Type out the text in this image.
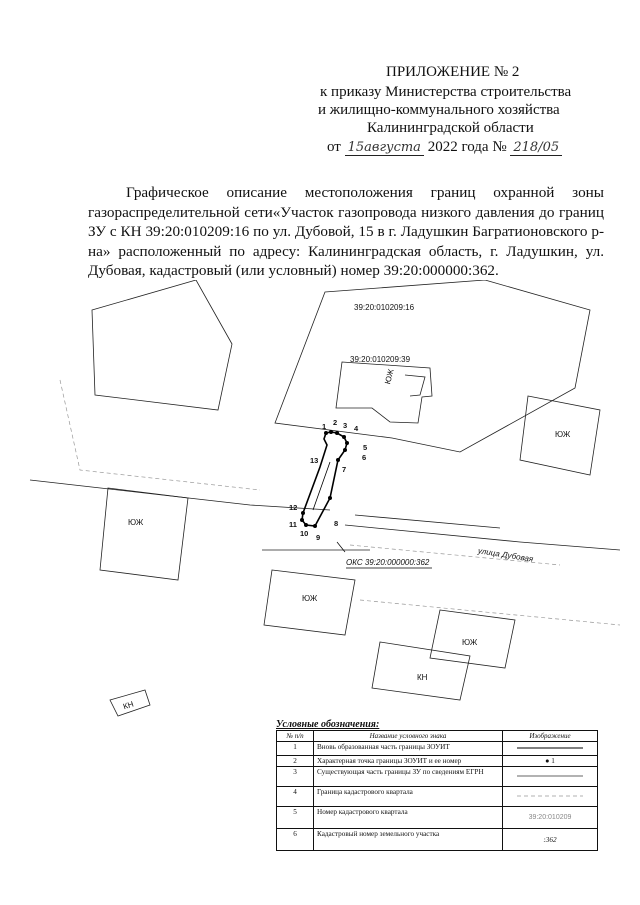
ПРИЛОЖЕНИЕ № 2
к приказу Министерства строительства
и жилищно-коммунального хозяйства
Калининградской области
от 15августа 2022 года № 218/05

Графическое описание местоположения границ охранной зоны газораспределительной сети«Участок газопровода низкого давления до границ ЗУ с КН 39:20:010209:16 по ул. Дубовой, 15 в г. Ладушкин Багратионовского р-на» расположенный по адресу: Калининградская область, г. Ладушкин, ул. Дубовая, кадастровый (или условный) номер 39:20:000000:362.

1 2 3 4
5
6
7
8
9
10
11
12
13
39:20:010209:16
39:20:010209:39
ЮЖ
ЮЖ
ЮЖ
ЮЖ
ЮЖ
КН
КН
улица Дубовая
ОКС 39:20:000000:362
Условные обозначения:
№ п/п	Название условного знака	Изображение
1	Вновь образованная часть границы ЗОУИТ	
2	Характерная точка границы ЗОУИТ и ее номер	● 1
3	Существующая часть границы ЗУ по сведениям ЕГРН	
4	Граница кадастрового квартала	
5	Номер кадастрового квартала	39:20:010209
6	Кадастровый номер земельного участка	:362
